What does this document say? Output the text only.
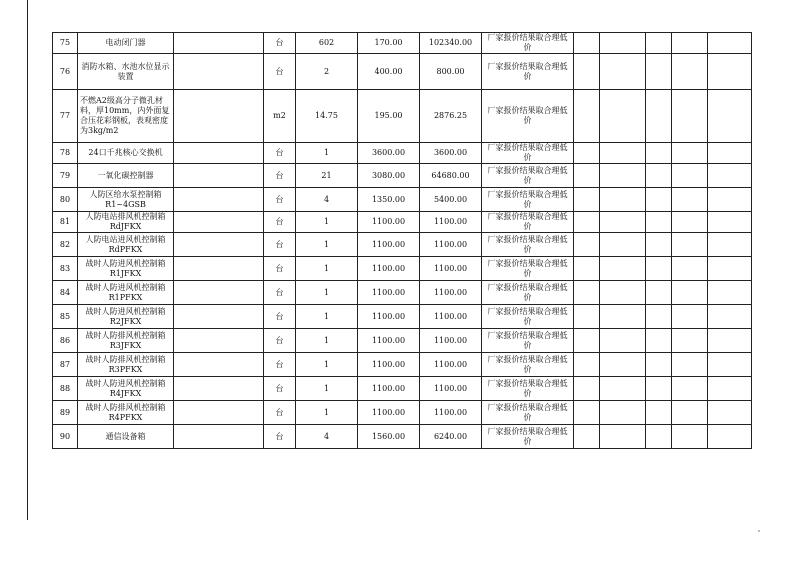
75	电动闭门器		台	602	170.00	102340.00	厂家报价结果取合理低价					
76	消防水箱、水池水位显示装置		台	2	400.00	800.00	厂家报价结果取合理低价					
77	不燃A2级高分子微孔材料，厚10mm，内外面复合压花彩钢板，表观密度为3kg/m2		m2	14.75	195.00	2876.25	厂家报价结果取合理低价					
78	24口千兆核心交换机		台	1	3600.00	3600.00	厂家报价结果取合理低价					
79	一氧化碳控制器		台	21	3080.00	64680.00	厂家报价结果取合理低价					
80	人防区给水泵控制箱R1~4GSB		台	4	1350.00	5400.00	厂家报价结果取合理低价					
81	人防电站排风机控制箱RdJFKX		台	1	1100.00	1100.00	厂家报价结果取合理低价					
82	人防电站进风机控制箱RdPFKX		台	1	1100.00	1100.00	厂家报价结果取合理低价					
83	战时人防进风机控制箱R1JFKX		台	1	1100.00	1100.00	厂家报价结果取合理低价					
84	战时人防进风机控制箱R1PFKX		台	1	1100.00	1100.00	厂家报价结果取合理低价					
85	战时人防进风机控制箱R2JFKX		台	1	1100.00	1100.00	厂家报价结果取合理低价					
86	战时人防排风机控制箱R3JFKX		台	1	1100.00	1100.00	厂家报价结果取合理低价					
87	战时人防排风机控制箱R3PFKX		台	1	1100.00	1100.00	厂家报价结果取合理低价					
88	战时人防进风机控制箱R4JFKX		台	1	1100.00	1100.00	厂家报价结果取合理低价					
89	战时人防排风机控制箱R4PFKX		台	1	1100.00	1100.00	厂家报价结果取合理低价					
90	通信设备箱		台	4	1560.00	6240.00	厂家报价结果取合理低价					
